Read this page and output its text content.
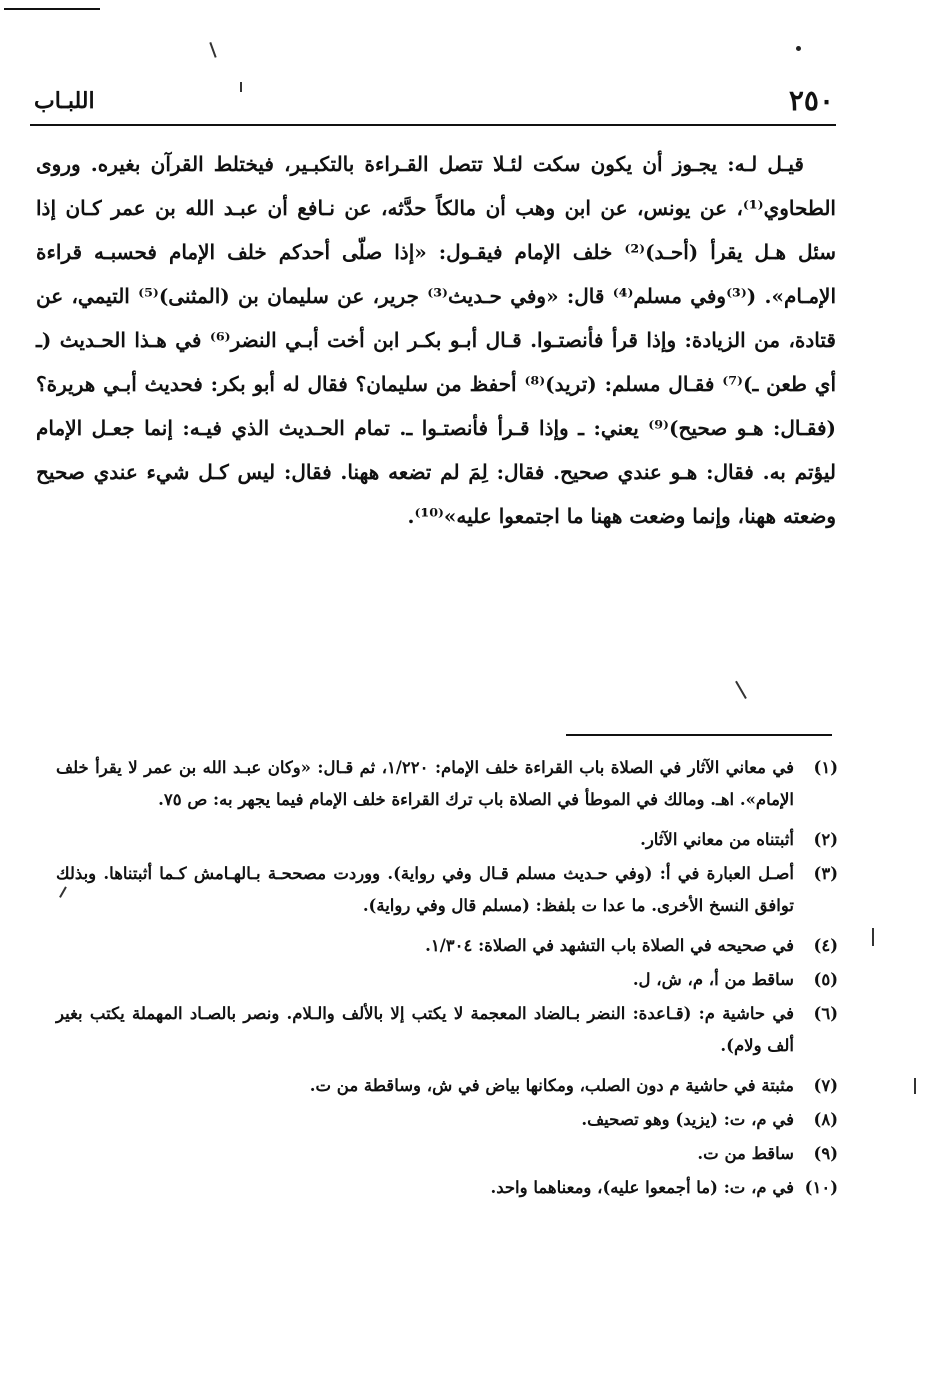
٢٥٠
اللبـاب

قيـل لـه: يجـوز أن يكون سكت لئـلا تتصل القـراءة بالتكبـير، فيختلط القرآن بغيره. وروى الطحاوي⁽¹⁾، عن يونس، عن ابن وهب أن مالكاً حدَّثه، عن نـافع أن عبـد الله بن عمر كـان إذا سئل هـل يقرأ (أحـد)⁽²⁾ خلف الإمام فيقـول: «إذا صلّى أحدكم خلف الإمام فحسبـه قراءة الإمـام». (⁽³⁾وفي مسلم⁽⁴⁾ قال: «وفي حـديث⁽³⁾ جرير، عن سليمان بن (المثنى)⁽⁵⁾ التيمي، عن قتادة، من الزيادة: وإذا قرأ فأنصتـوا. قـال أبـو بكـر ابن أخت أبـي النضر⁽⁶⁾ في هـذا الحـديث (ـ أي طعن ـ)⁽⁷⁾ فقـال مسلم: (تريد)⁽⁸⁾ أحفظ من سليمان؟ فقال له أبو بكر: فحديث أبـي هريرة؟ (فقـال: هـو صحيح)⁽⁹⁾ يعني: ـ وإذا قـرأ فأنصتـوا ـ. تمام الحـديث الذي فيـه: إنما جعـل الإمام ليؤتم به. فقال: هـو عندي صحيح. فقال: لِمَ لم تضعه ههنا. فقال: ليس كـل شيء عندي صحيح وضعته ههنا، وإنما وضعت ههنا ما اجتمعوا عليه»⁽¹⁰⁾.

(١)
في معاني الآثار في الصلاة باب القراءة خلف الإمام: ١/٢٢٠، ثم قـال: «وكان عبـد الله بن عمر لا يقرأ خلف الإمام». اهـ. ومالك في الموطأ في الصلاة باب ترك القراءة خلف الإمام فيما يجهر به: ص ٧٥.
(٢)
أثبتناه من معاني الآثار.
(٣)
أصـل العبارة في أ: (وفي حـديث مسلم قـال وفي رواية). ووردت مصححـة بـالهـامش كـما أثبتناها. وبذلك توافق النسخ الأخرى. ما عدا ت بلفظ: (مسلم قال وفي رواية).
(٤)
في صحيحه في الصلاة باب التشهد في الصلاة: ١/٣٠٤.
(٥)
ساقط من أ، م، ش، ل.
(٦)
في حاشية م: (قـاعدة: النضر بـالضاد المعجمة لا يكتب إلا بالألف والـلام. ونصر بالصـاد المهملة يكتب بغير ألف ولام).
(٧)
مثبتة في حاشية م دون الصلب، ومكانها بياض في ش، وساقطة من ت.
(٨)
في م، ت: (يزيد) وهو تصحيف.
(٩)
ساقط من ت.
(١٠)
في م، ت: (ما أجمعوا عليه)، ومعناهما واحد.
